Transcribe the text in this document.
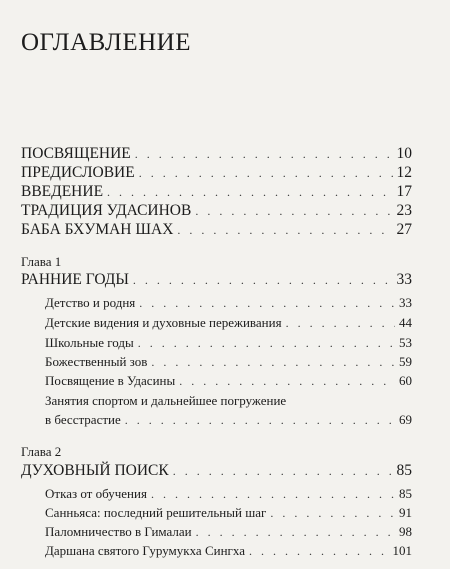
ОГЛАВЛЕНИЕ
ПОСВЯЩЕНИЕ . . .	10
ПРЕДИСЛОВИЕ . . .	12
ВВЕДЕНИЕ . . .	17
ТРАДИЦИЯ УДАСИНОВ . . .	23
БАБА БХУМАН ШАХ . . .	27
Глава 1
РАННИЕ ГОДЫ . . .	33
Детство и родня . . .	33
Детские видения и духовные переживания . . .	44
Школьные годы . . .	53
Божественный зов . . .	59
Посвящение в Удасины . . .	60
Занятия спортом и дальнейшее погружение
в бесстрастие . . .	69
Глава 2
ДУХОВНЫЙ ПОИСК . . .	85
Отказ от обучения . . .	85
Санньяса: последний решительный шаг . . .	91
Паломничество в Гималаи . . .	98
Даршана святого Гурумукха Сингха . . .	101
